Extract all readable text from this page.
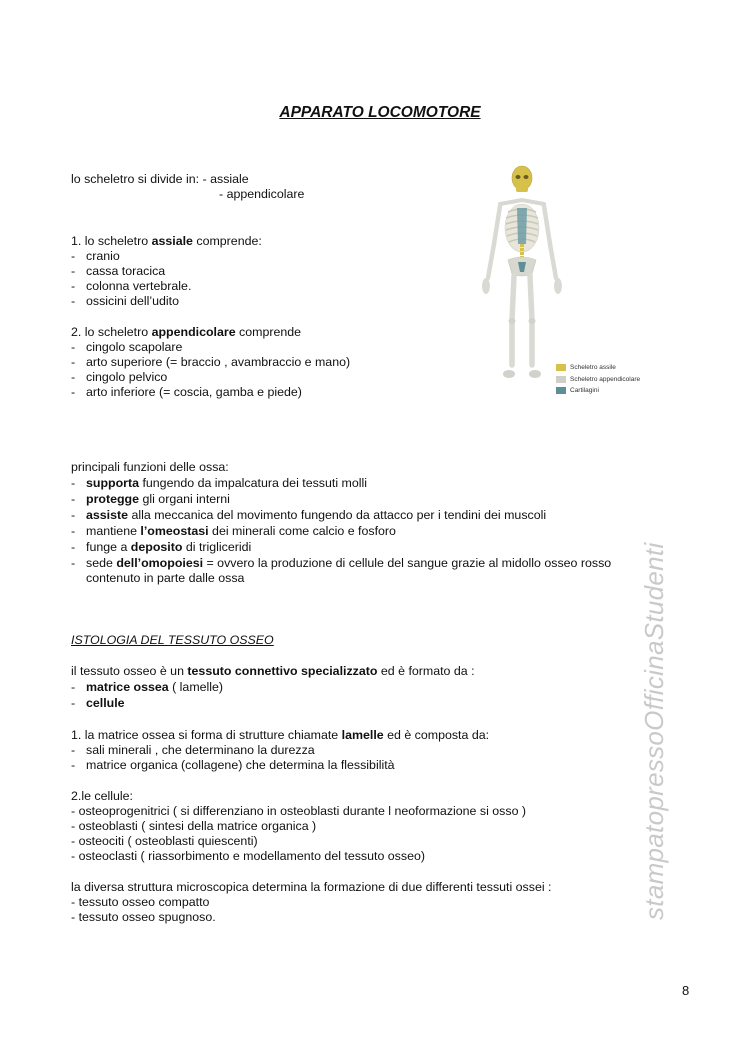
APPARATO LOCOMOTORE
lo scheletro si divide in: - assiale
- appendicolare
1. lo scheletro assiale comprende:
- cranio
- cassa toracica
- colonna vertebrale.
- ossicini dell’udito
2. lo scheletro appendicolare comprende
- cingolo scapolare
- arto superiore (= braccio , avambraccio e mano)
- cingolo pelvico
- arto inferiore (= coscia, gamba e piede)
Scheletro assile
Scheletro appendicolare
Cartilagini
principali funzioni delle ossa:
- supporta fungendo da impalcatura dei tessuti molli
- protegge gli organi interni
- assiste alla meccanica del movimento fungendo da attacco per i tendini dei muscoli
- mantiene l’omeostasi dei minerali come calcio e fosforo
- funge a deposito di trigliceridi
- sede dell’omopoiesi = ovvero la produzione di cellule del sangue grazie al midollo osseo rosso
contenuto in parte dalle ossa
ISTOLOGIA DEL TESSUTO OSSEO
il tessuto osseo è un tessuto connettivo specializzato ed è formato da :
- matrice ossea ( lamelle)
- cellule
1. la matrice ossea si forma di strutture chiamate lamelle ed è composta da:
- sali minerali , che determinano la durezza
- matrice organica (collagene) che determina la flessibilità
2.le cellule:
- osteoprogenitrici ( si differenziano in osteoblasti durante l neoformazione si osso )
- osteoblasti ( sintesi della matrice organica )
- osteociti ( osteoblasti quiescenti)
- osteoclasti ( riassorbimento e modellamento del tessuto osseo)
la diversa struttura microscopica determina la formazione di due differenti tessuti ossei :
- tessuto osseo compatto
- tessuto osseo spugnoso.	stampatopressoOfficinaStudenti
8
